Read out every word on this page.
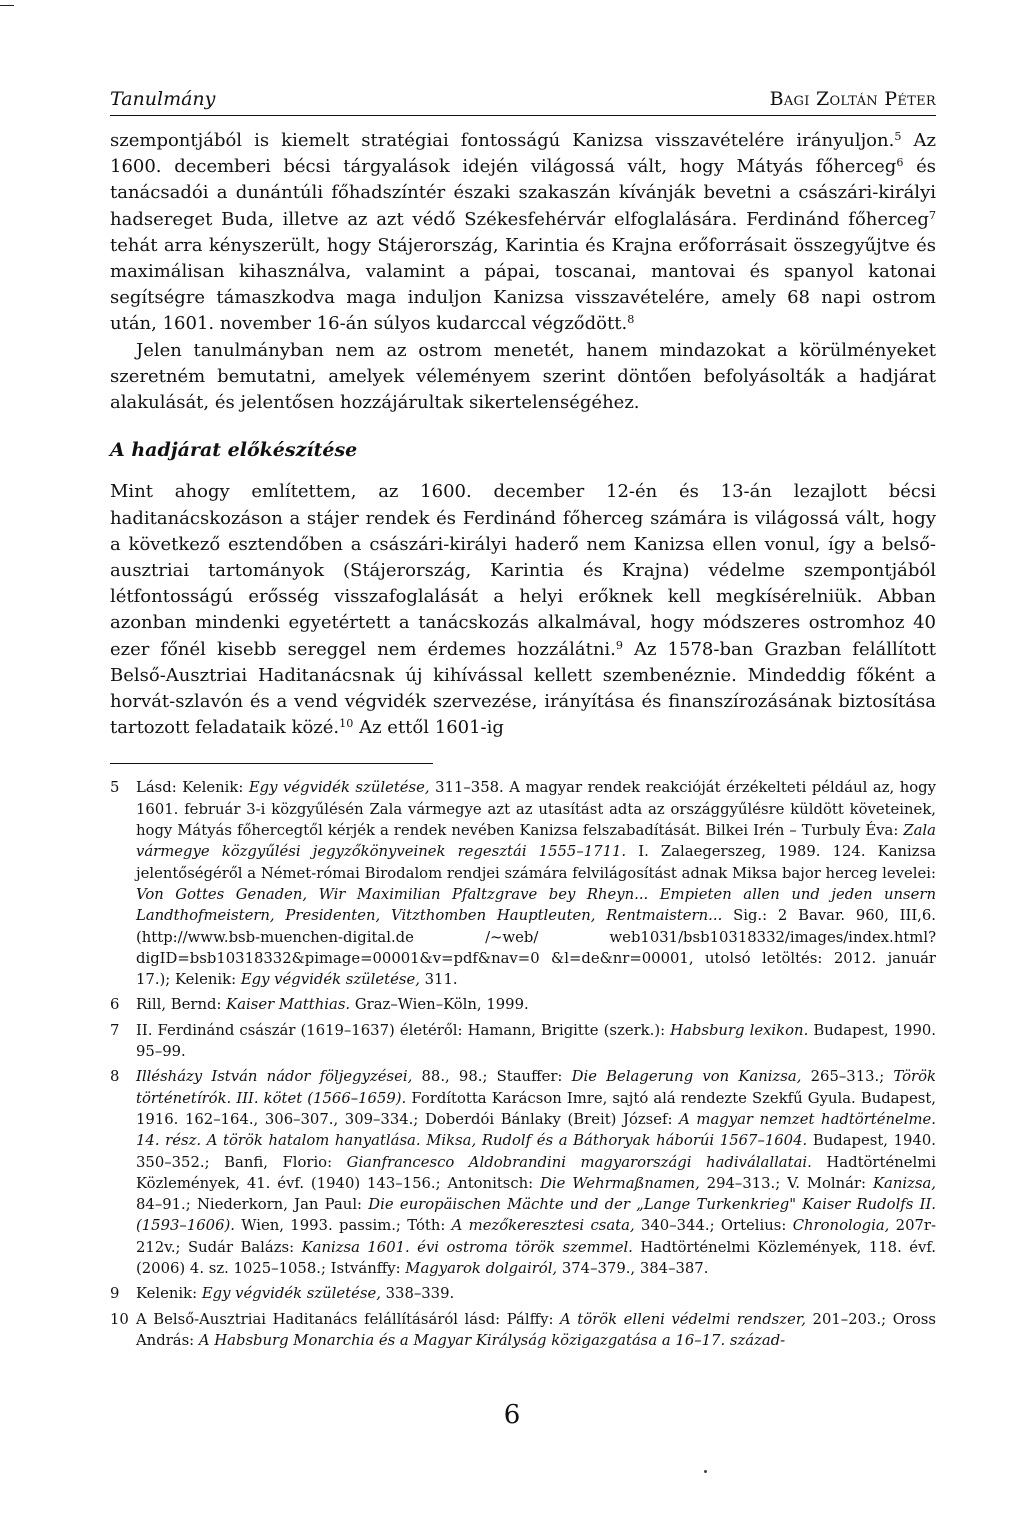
Tanulmány	Bagi Zoltán Péter

szempontjából is kiemelt stratégiai fontosságú Kanizsa visszavételére irányuljon.$^5$ Az 1600. decemberi bécsi tárgyalások idején világossá vált, hogy Mátyás főherceg$^6$ és tanácsadói a dunántúli főhadszíntér északi szakaszán kívánják bevetni a császári-királyi hadsereget Buda, illetve az azt védő Székesfehérvár elfoglalására. Ferdinánd főherceg$^7$ tehát arra kényszerült, hogy Stájerország, Karintia és Krajna erőforrásait összegyűjtve és maximálisan kihasználva, valamint a pápai, toscanai, mantovai és spanyol katonai segítségre támaszkodva maga induljon Kanizsa visszavételére, amely 68 napi ostrom után, 1601. november 16-án súlyos kudarccal végződött.$^8$

Jelen tanulmányban nem az ostrom menetét, hanem mindazokat a körülményeket szeretném bemutatni, amelyek véleményem szerint döntően befolyásolták a hadjárat alakulását, és jelentősen hozzájárultak sikertelenségéhez.

A hadjárat előkészítése

Mint ahogy említettem, az 1600. december 12-én és 13-án lezajlott bécsi haditanácskozáson a stájer rendek és Ferdinánd főherceg számára is világossá vált, hogy a következő esztendőben a császári-királyi haderő nem Kanizsa ellen vonul, így a belső-ausztriai tartományok (Stájerország, Karintia és Krajna) védelme szempontjából létfontosságú erősség visszafoglalását a helyi erőknek kell megkísérelniük. Abban azonban mindenki egyetértett a tanácskozás alkalmával, hogy módszeres ostromhoz 40 ezer főnél kisebb sereggel nem érdemes hozzálátni.$^9$ Az 1578-ban Grazban felállított Belső-Ausztriai Haditanácsnak új kihívással kellett szembenéznie. Mindeddig főként a horvát-szlavón és a vend végvidék szervezése, irányítása és finanszírozásának biztosítása tartozott feladataik közé.$^{10}$ Az ettől 1601-ig

5	Lásd: Kelenik: Egy végvidék születése, 311–358. A magyar rendek reakcióját érzékelteti például az, hogy 1601. február 3-i közgyűlésén Zala vármegye azt az utasítást adta az országgyűlésre küldött követeinek, hogy Mátyás főhercegtől kérjék a rendek nevében Kanizsa felszabadítását. Bilkei Irén – Turbuly Éva: Zala vármegye közgyűlési jegyzőkönyveinek regesztái 1555–1711. I. Zalaegerszeg, 1989. 124. Kanizsa jelentőségéről a Német-római Birodalom rendjei számára felvilágosítást adnak Miksa bajor herceg levelei: Von Gottes Genaden, Wir Maximilian Pfaltzgrave bey Rheyn... Empieten allen und jeden unsern Landthofmeistern, Presidenten, Vitzthomben Hauptleuten, Rentmaistern... Sig.: 2 Bavar. 960, III,6. (http://www.bsb-muenchen-digital.de /~web/ web1031/bsb10318332/images/index.html?digID=bsb10318332&pimage=00001&v=pdf&nav=0 &l=de&nr=00001, utolsó letöltés: 2012. január 17.); Kelenik: Egy végvidék születése, 311.
6	Rill, Bernd: Kaiser Matthias. Graz–Wien–Köln, 1999.
7	II. Ferdinánd császár (1619–1637) életéről: Hamann, Brigitte (szerk.): Habsburg lexikon. Budapest, 1990. 95–99.
8	Illésházy István nádor följegyzései, 88., 98.; Stauffer: Die Belagerung von Kanizsa, 265–313.; Török történetírók. III. kötet (1566–1659). Fordította Karácson Imre, sajtó alá rendezte Szekfű Gyula. Budapest, 1916. 162–164., 306–307., 309–334.; Doberdói Bánlaky (Breit) József: A magyar nemzet hadtörténelme. 14. rész. A török hatalom hanyatlása. Miksa, Rudolf és a Báthoryak háborúi 1567–1604. Budapest, 1940. 350–352.; Banfi, Florio: Gianfrancesco Aldobrandini magyarországi hadiválallatai. Hadtörténelmi Közlemények, 41. évf. (1940) 143–156.; Antonitsch: Die Wehrmaßnamen, 294–313.; V. Molnár: Kanizsa, 84–91.; Niederkorn, Jan Paul: Die europäischen Mächte und der „Lange Turkenkrieg" Kaiser Rudolfs II. (1593–1606). Wien, 1993. passim.; Tóth: A mezőkeresztesi csata, 340–344.; Ortelius: Chronologia, 207r-212v.; Sudár Balázs: Kanizsa 1601. évi ostroma török szemmel. Hadtörténelmi Közlemények, 118. évf. (2006) 4. sz. 1025–1058.; Istvánffy: Magyarok dolgairól, 374–379., 384–387.
9	Kelenik: Egy végvidék születése, 338–339.
10 A Belső-Ausztriai Haditanács felállításáról lásd: Pálffy: A török elleni védelmi rendszer, 201–203.; Oross András: A Habsburg Monarchia és a Magyar Királyság közigazgatása a 16–17. század-
6
